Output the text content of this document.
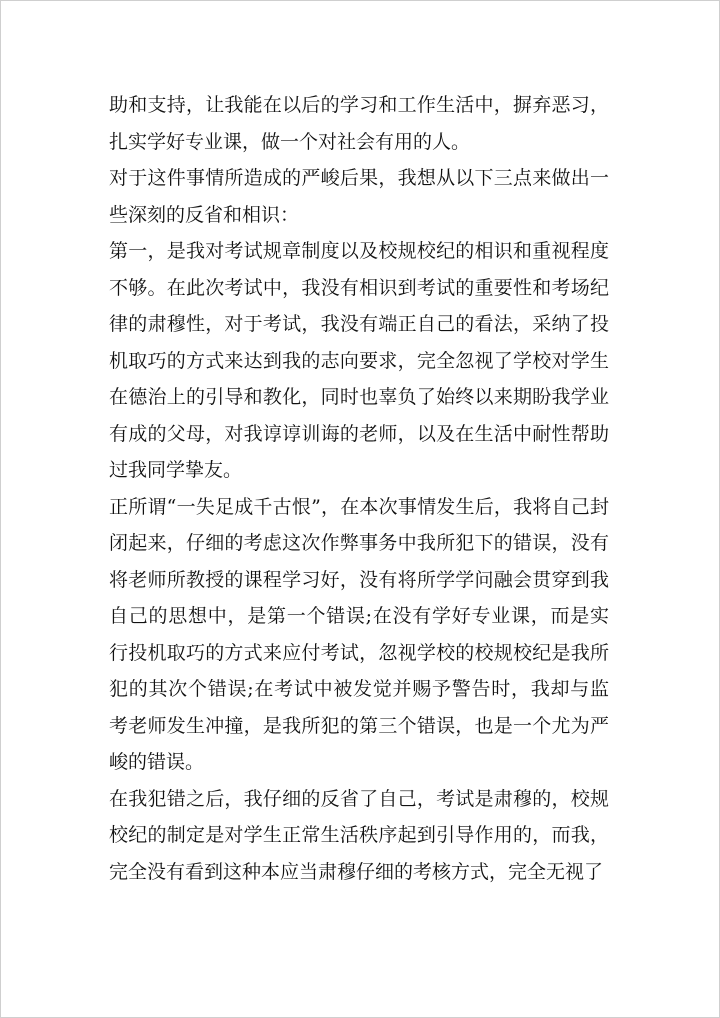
助和支持，让我能在以后的学习和工作生活中，摒弃恶习，扎实学好专业课，做一个对社会有用的人。

对于这件事情所造成的严峻后果，我想从以下三点来做出一些深刻的反省和相识：

第一，是我对考试规章制度以及校规校纪的相识和重视程度不够。在此次考试中，我没有相识到考试的重要性和考场纪律的肃穆性，对于考试，我没有端正自己的看法，采纳了投机取巧的方式来达到我的志向要求，完全忽视了学校对学生在德治上的引导和教化，同时也辜负了始终以来期盼我学业有成的父母，对我谆谆训诲的老师，以及在生活中耐性帮助过我同学挚友。

正所谓“一失足成千古恨”，在本次事情发生后，我将自己封闭起来，仔细的考虑这次作弊事务中我所犯下的错误，没有将老师所教授的课程学习好，没有将所学学问融会贯穿到我自己的思想中，是第一个错误;在没有学好专业课，而是实行投机取巧的方式来应付考试，忽视学校的校规校纪是我所犯的其次个错误;在考试中被发觉并赐予警告时，我却与监考老师发生冲撞，是我所犯的第三个错误，也是一个尤为严峻的错误。

在我犯错之后，我仔细的反省了自己，考试是肃穆的，校规校纪的制定是对学生正常生活秩序起到引导作用的，而我，完全没有看到这种本应当肃穆仔细的考核方式，完全无视了
